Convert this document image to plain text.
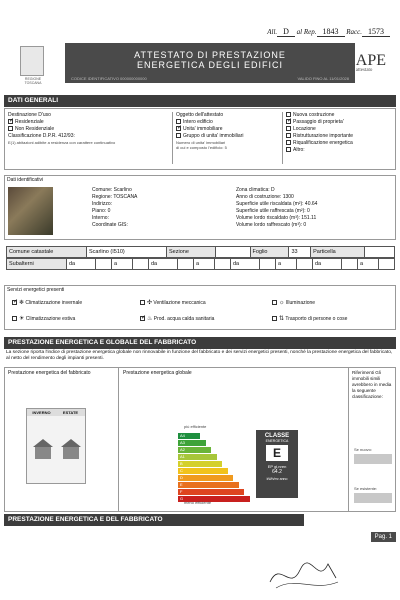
All. D al Rep. 1843 Racc. 1573
REGIONE TOSCANA
ATTESTATO DI PRESTAZIONE
ENERGETICA DEGLI EDIFICI
CODICE IDENTIFICATIVO 000000000000	VALIDO FINO AL 11/01/2028
APE
attestato
DATI GENERALI
Destinazione D'uso
✓Residenziale
Non Residenziale
Classificazione D.P.R. 412/93:
E(1) abitazioni adibite a residenza con carattere continuativo
Oggetto dell'attestato
Intero edificio
✓Unita' immobiliare
Gruppo di unita' immobiliari
Numero di unita' immobiliari
di cui e composto l'edificio: 5
Nuova costruzione
✓Passaggio di proprieta'
Locazione
Ristrutturazione importante
Riqualificazione energetica
Altro:
Dati identificativi
Comune: Scarlino
Regione: TOSCANA
Indirizzo:
Piano: 0
Interno:
Coordinate GIS:
Zona climatica: D
Anno di costruzione: 1300
Superficie utile riscaldata (m²): 40.64
Superficie utile raffrescata (m²): 0
Volume lordo riscaldato (m³): 151.11
Volume lordo raffrescato (m³): 0
Comune catastale	Scarlino (I510)	Sezione		Foglio	33	Particella	
Subalterni	da		a		da		a		da		a		da		a	
Servizi energetici presenti
✓❄ Climatizzazione invernale
☀ Climatizzazione estiva
✣ Ventilazione meccanica
✓♨ Prod. acqua calda sanitaria
☼ Illuminazione
⇅ Trasporto di persone o cose
PRESTAZIONE ENERGETICA E GLOBALE DEL FABBRICATO
La sezione riporta l'indice di prestazione energetica globale non rinnovabile in funzione del fabbricato e dei servizi energetici presenti, nonché la prestazione energetica del fabbricato, al netto del rendimento degli impianti presenti.
Prestazione energetica del fabbricato
INVERNO	ESTATE
Prestazione energetica globale
più efficiente
A4
A3
A2
A1
B
C
D
E
F
G
meno efficiente
CLASSE
ENERGETICA
E
EP gl,nren
64.2
kWh/m² anno
Riferimenti Gli immobili simili avrebbero in media la seguente classificazione:
Se nuovo:
Se esistente:
PRESTAZIONE ENERGETICA E DEL FABBRICATO
Pag. 1
